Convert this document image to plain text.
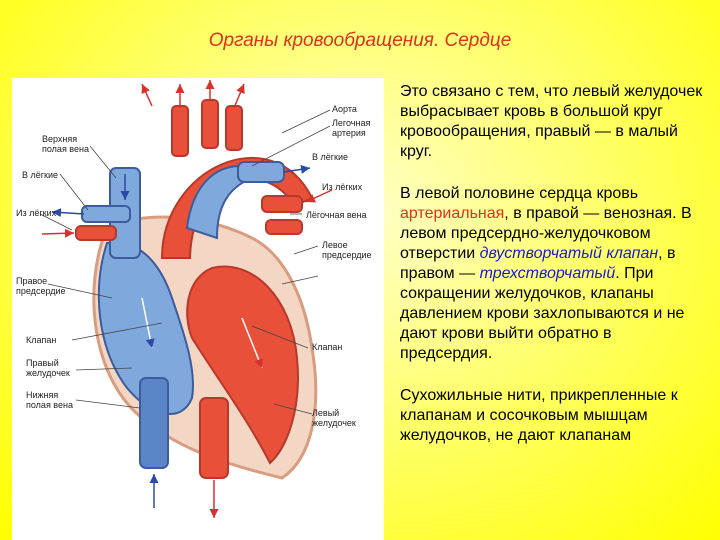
Органы кровообращения. Сердце
Аорта
Легочная
артерия
В лёгкие
Из лёгких
Лёгочная вена
Левое
предсердие
Клапан
Левый
желудочек
Верхняя
полая вена
В лёгкие
Из лёгких
Правое
предсердие
Клапан
Правый
желудочек
Нижняя
полая вена

Это связано с тем, что левый желудочек выбрасывает кровь в большой круг кровообращения, правый — в малый круг.

В левой половине сердца кровь артериальная, в правой — венозная. В левом предсердно-желудочковом отверстии двустворчатый клапан, в правом — трехстворчатый. При сокращении желудочков, клапаны давлением крови захлопываются и не дают крови выйти обратно в предсердия.

Сухожильные нити, прикрепленные к клапанам и сосочковым мышцам желудочков, не дают клапанам
